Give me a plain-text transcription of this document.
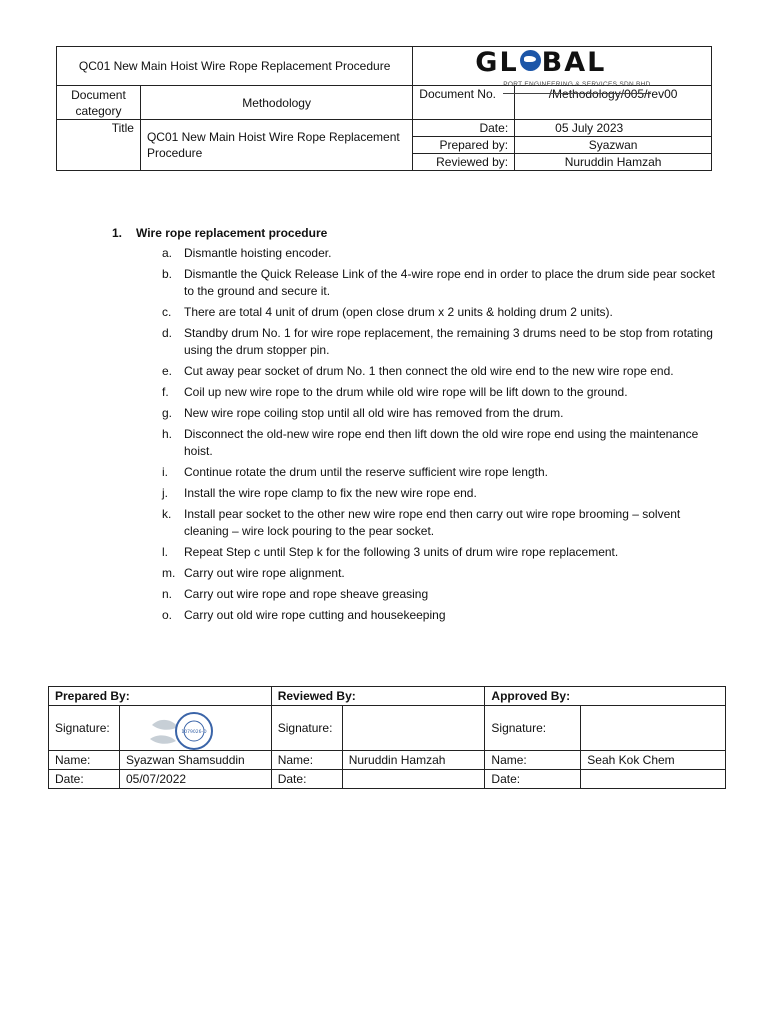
QC01 New Main Hoist Wire Rope Replacement Procedure		GL BAL
PORT ENGINEERING & SERVICES SDN BHD	

Document category	Methodology	Document No.	/Methodology/005/rev00
Title	QC01 New Main Hoist Wire Rope Replacement Procedure	Date:	05 July 2023
		Prepared by:	Syazwan
		Reviewed by:	Nuruddin Hamzah
1. Wire rope replacement procedure
a. Dismantle hoisting encoder.
b. Dismantle the Quick Release Link of the 4-wire rope end in order to place the drum side pear socket to the ground and secure it.
c. There are total 4 unit of drum (open close drum x 2 units & holding drum 2 units).
d. Standby drum No. 1 for wire rope replacement, the remaining 3 drums need to be stop from rotating using the drum stopper pin.
e. Cut away pear socket of drum No. 1 then connect the old wire end to the new wire rope end.
f. Coil up new wire rope to the drum while old wire rope will be lift down to the ground.
g. New wire rope coiling stop until all old wire has removed from the drum.
h. Disconnect the old-new wire rope end then lift down the old wire rope end using the maintenance hoist.
i. Continue rotate the drum until the reserve sufficient wire rope length.
j. Install the wire rope clamp to fix the new wire rope end.
k. Install pear socket to the other new wire rope end then carry out wire rope brooming – solvent cleaning – wire lock pouring to the pear socket.
l. Repeat Step c until Step k for the following 3 units of drum wire rope replacement.
m. Carry out wire rope alignment.
n. Carry out wire rope and rope sheave greasing
o. Carry out old wire rope cutting and housekeeping
Prepared By:		Reviewed By:		Approved By:	
Signature:		Signature:		Signature:	
Name:	Syazwan Shamsuddin	Name:	Nuruddin Hamzah	Name:	Seah Kok Chem
Date:	05/07/2022	Date:		Date:	
1079026-D
